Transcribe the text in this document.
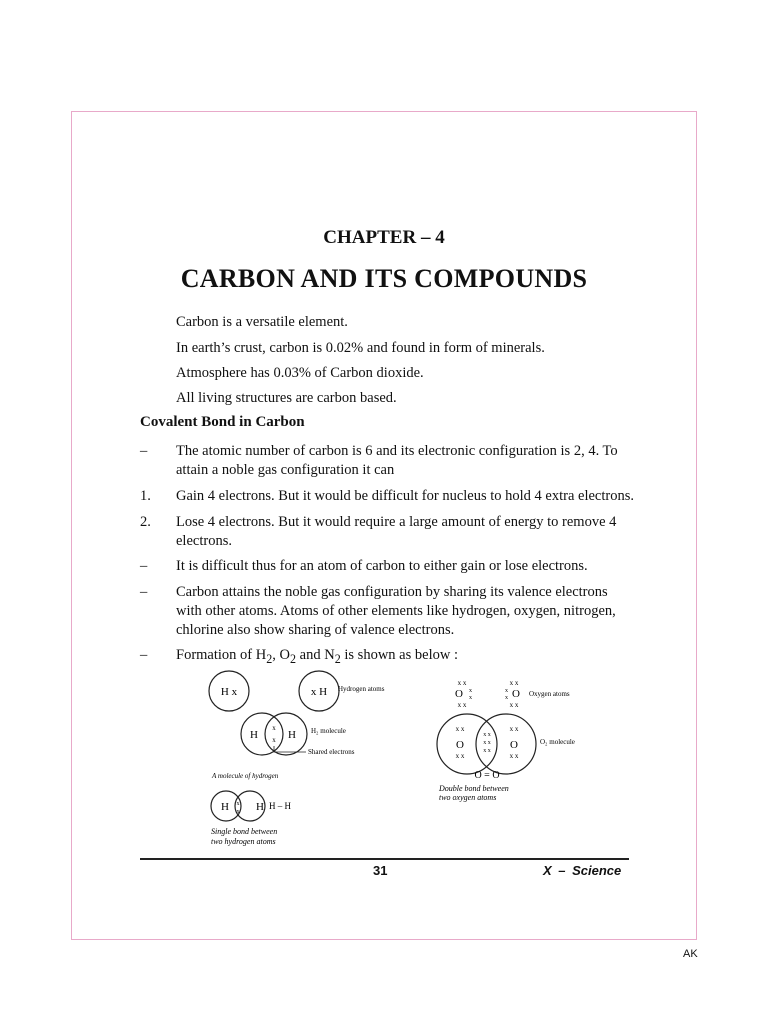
CHAPTER – 4
CARBON AND ITS COMPOUNDS
Carbon is a versatile element.
In earth’s crust, carbon is 0.02% and found in form of minerals.
Atmosphere has 0.03% of Carbon dioxide.
All living structures are carbon based.
Covalent Bond in Carbon
–	The atomic number of carbon is 6 and its electronic configuration is 2, 4. To attain a noble gas configuration it can
1.	Gain 4 electrons. But it would be difficult for nucleus to hold 4 extra electrons.
2.	Lose 4 electrons. But it would require a large amount of energy to remove 4 electrons.
–	It is difficult thus for an atom of carbon to either gain or lose electrons.
–	Carbon attains the noble gas configuration by sharing its valence electrons with other atoms. Atoms of other elements like hydrogen, oxygen, nitrogen, chlorine also show sharing of valence electrons.
–	Formation of $H_2$, $O_2$ and $N_2$ is shown as below :
H x	x H Hydrogen atoms
H	H
x
x
H₂ molecule
Shared electrons
A molecule of hydrogen
H H
x
x
H – H
Single bond between
two hydrogen atoms
x x
O x
x
x x
x x
x
x O
x x
Oxygen atoms
x x
O
x x
x x
x x
x x
x x
O
x x
O₂ molecule
O = O
Double bond between
two oxygen atoms
31	X – Science
AK
